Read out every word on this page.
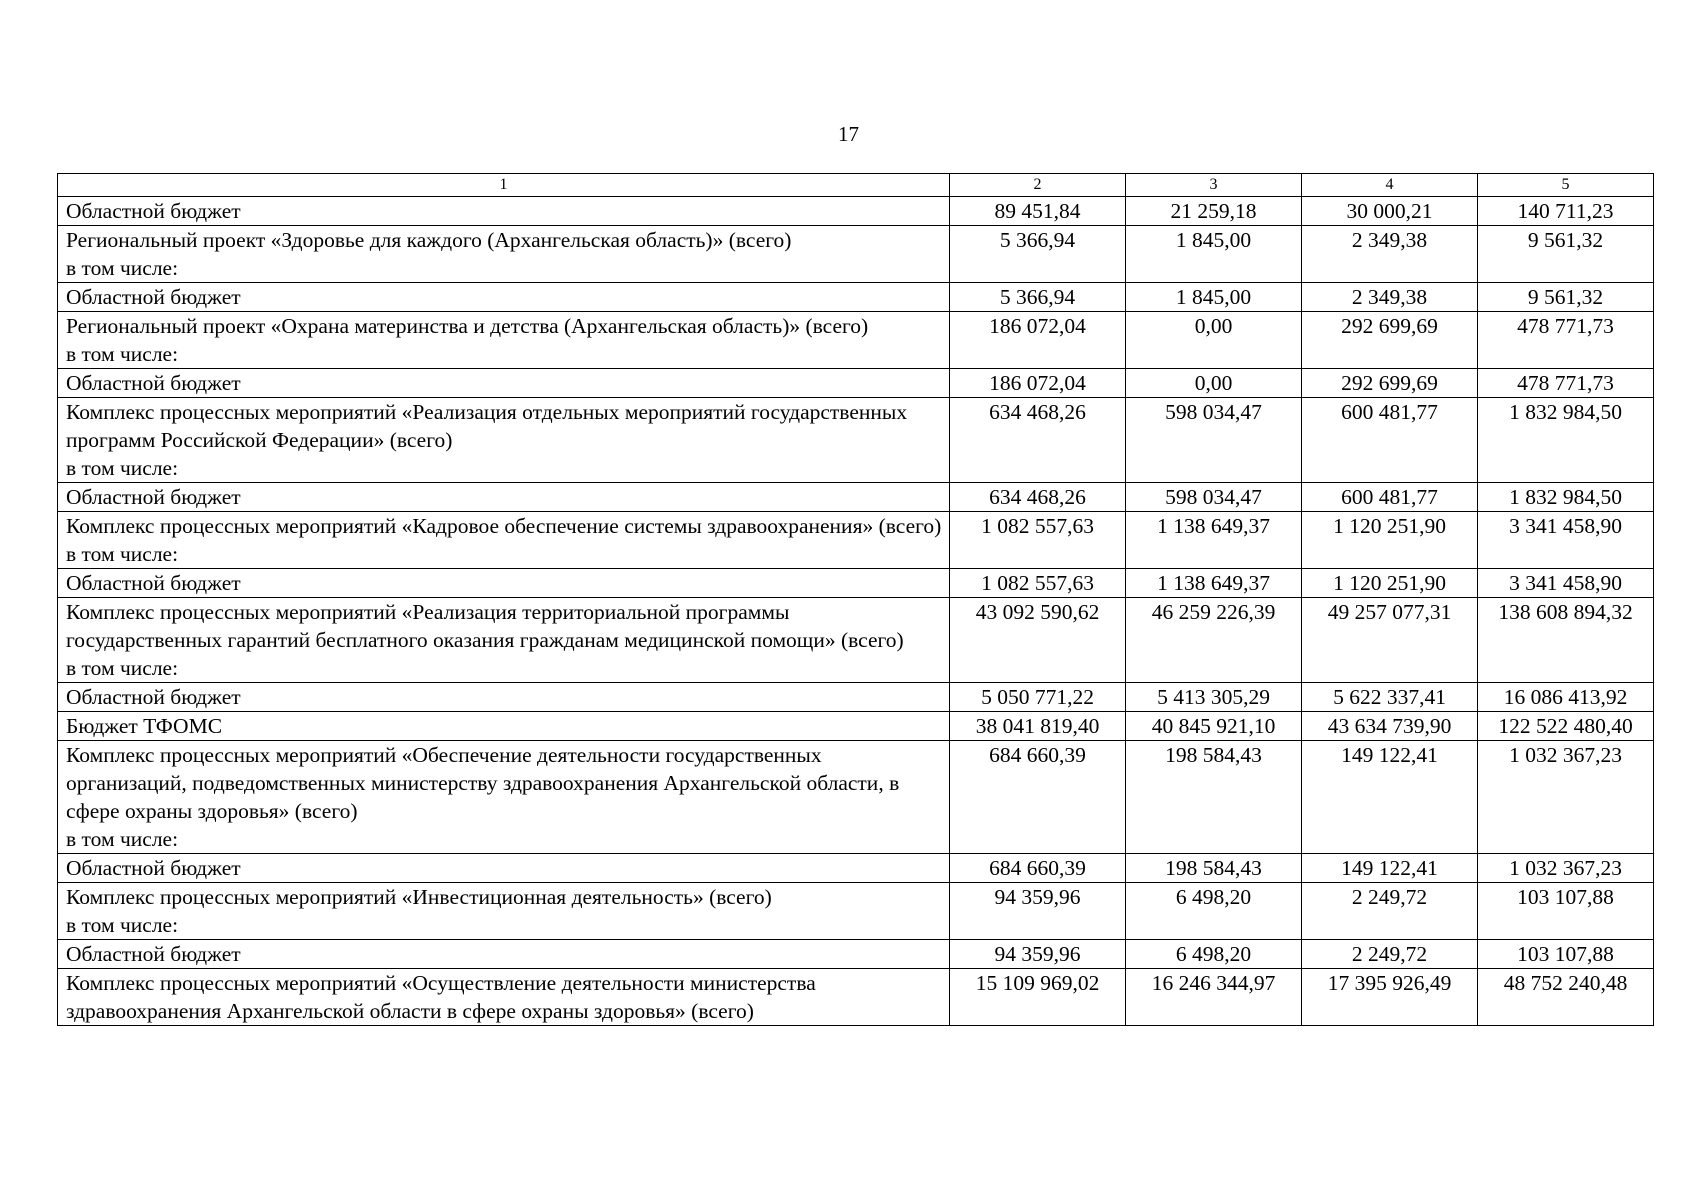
17
1	2	3	4	5

Областной бюджет	89 451,84	21 259,18	30 000,21	140 711,23

Региональный проект «Здоровье для каждого (Архангельская область)» (всего)
в том числе:	5 366,94	1 845,00	2 349,38	9 561,32

Областной бюджет	5 366,94	1 845,00	2 349,38	9 561,32

Региональный проект «Охрана материнства и детства (Архангельская область)» (всего)
в том числе:	186 072,04	0,00	292 699,69	478 771,73

Областной бюджет	186 072,04	0,00	292 699,69	478 771,73

Комплекс процессных мероприятий «Реализация отдельных мероприятий государственных программ Российской Федерации» (всего)
в том числе:	634 468,26	598 034,47	600 481,77	1 832 984,50

Областной бюджет	634 468,26	598 034,47	600 481,77	1 832 984,50

Комплекс процессных мероприятий «Кадровое обеспечение системы здравоохранения» (всего)
в том числе:	1 082 557,63	1 138 649,37	1 120 251,90	3 341 458,90

Областной бюджет	1 082 557,63	1 138 649,37	1 120 251,90	3 341 458,90

Комплекс процессных мероприятий «Реализация территориальной программы государственных гарантий бесплатного оказания гражданам медицинской помощи» (всего)
в том числе:	43 092 590,62	46 259 226,39	49 257 077,31	138 608 894,32

Областной бюджет	5 050 771,22	5 413 305,29	5 622 337,41	16 086 413,92

Бюджет ТФОМС	38 041 819,40	40 845 921,10	43 634 739,90	122 522 480,40

Комплекс процессных мероприятий «Обеспечение деятельности государственных организаций, подведомственных министерству здравоохранения Архангельской области, в сфере охраны здоровья» (всего)
в том числе:	684 660,39	198 584,43	149 122,41	1 032 367,23

Областной бюджет	684 660,39	198 584,43	149 122,41	1 032 367,23

Комплекс процессных мероприятий «Инвестиционная деятельность» (всего)
в том числе:	94 359,96	6 498,20	2 249,72	103 107,88

Областной бюджет	94 359,96	6 498,20	2 249,72	103 107,88

Комплекс процессных мероприятий «Осуществление деятельности министерства здравоохранения Архангельской области в сфере охраны здоровья» (всего)	15 109 969,02	16 246 344,97	17 395 926,49	48 752 240,48
